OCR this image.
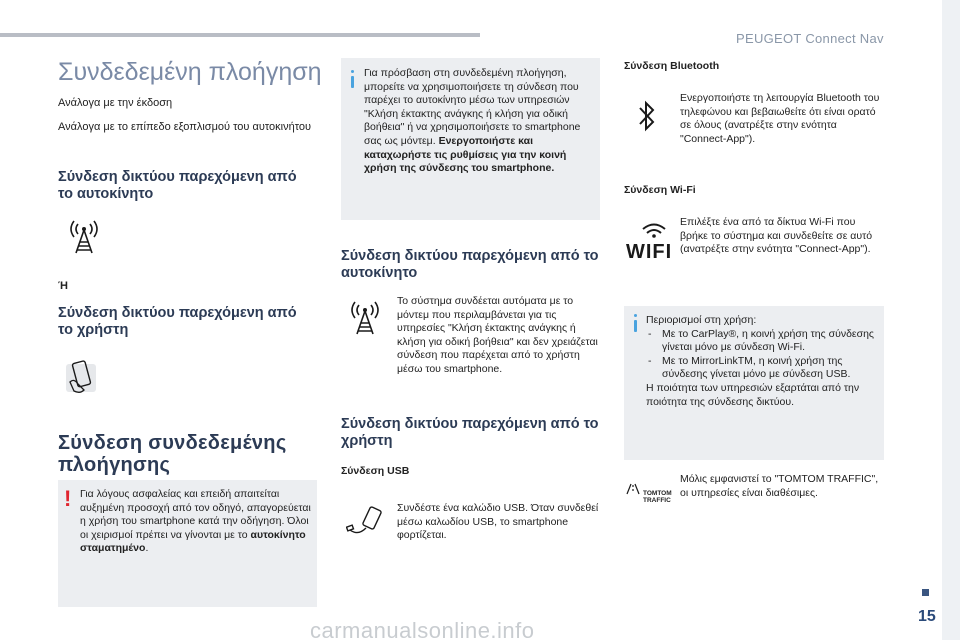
PEUGEOT Connect Nav
15
carmanualsonline.info
Συνδεδεμένη πλοήγηση
Ανάλογα με την έκδοση
Ανάλογα με το επίπεδο εξοπλισμού του αυτοκινήτου
Σύνδεση δικτύου παρεχόμενη από το αυτοκίνητο
Ή
Σύνδεση δικτύου παρεχόμενη από το χρήστη
Σύνδεση συνδεδεμένης πλοήγησης
! Για λόγους ασφαλείας και επειδή απαιτείται αυξημένη προσοχή από τον οδηγό, απαγορεύεται η χρήση του smartphone κατά την οδήγηση. Όλοι οι χειρισμοί πρέπει να γίνονται με το αυτοκίνητο σταματημένο.
Για πρόσβαση στη συνδεδεμένη πλοήγηση, μπορείτε να χρησιμοποιήσετε τη σύνδεση που παρέχει το αυτοκίνητο μέσω των υπηρεσιών "Κλήση έκτακτης ανάγκης ή κλήση για οδική βοήθεια" ή να χρησιμοποιήσετε το smartphone σας ως μόντεμ. Ενεργοποιήστε και καταχωρήστε τις ρυθμίσεις για την κοινή χρήση της σύνδεσης του smartphone.
Σύνδεση δικτύου παρεχόμενη από το αυτοκίνητο
Το σύστημα συνδέεται αυτόματα με το μόντεμ που περιλαμβάνεται για τις υπηρεσίες "Κλήση έκτακτης ανάγκης ή κλήση για οδική βοήθεια" και δεν χρειάζεται σύνδεση που παρέχεται από το χρήστη μέσω του smartphone.
Σύνδεση δικτύου παρεχόμενη από το χρήστη
Σύνδεση USB
Συνδέστε ένα καλώδιο USB. Όταν συνδεθεί μέσω καλωδίου USB, το smartphone φορτίζεται.
Σύνδεση Bluetooth
Ενεργοποιήστε τη λειτουργία Bluetooth του τηλεφώνου και βεβαιωθείτε ότι είναι ορατό σε όλους (ανατρέξτε στην ενότητα "Connect-App").
Σύνδεση Wi-Fi
WIFI
Επιλέξτε ένα από τα δίκτυα Wi-Fi που βρήκε το σύστημα και συνδεθείτε σε αυτό (ανατρέξτε στην ενότητα "Connect-App").
Περιορισμοί στη χρήση:
- Με το CarPlay®, η κοινή χρήση της σύνδεσης γίνεται μόνο με σύνδεση Wi-Fi.
- Με το MirrorLinkTM, η κοινή χρήση της σύνδεσης γίνεται μόνο με σύνδεση USB.
Η ποιότητα των υπηρεσιών εξαρτάται από την ποιότητα της σύνδεσης δικτύου.
TOMTOM
TRAFFIC
Μόλις εμφανιστεί το "TOMTOM TRAFFIC", οι υπηρεσίες είναι διαθέσιμες.
